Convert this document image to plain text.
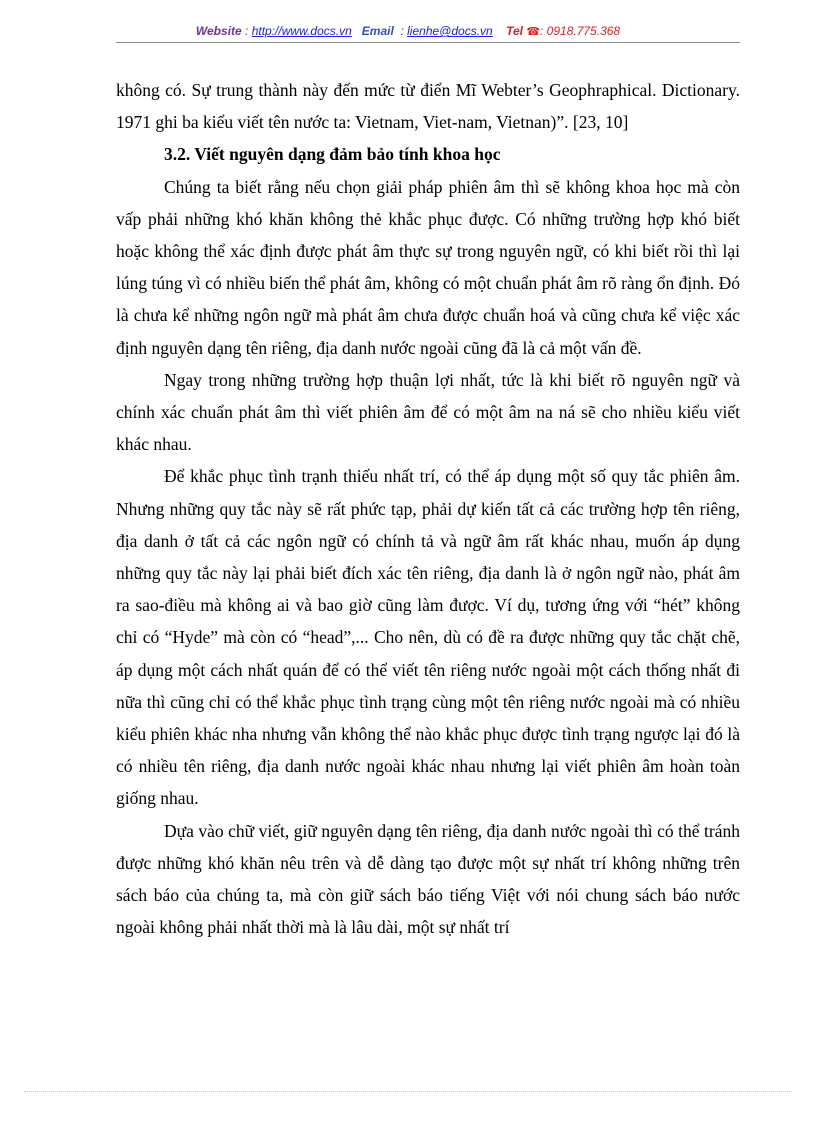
Website : http://www.docs.vn Email  : lienhe@docs.vn Tel ☎: 0918.775.368

không có. Sự trung thành này đến mức từ điển Mĩ Webter’s Geophraphical. Dictionary. 1971 ghi ba kiểu viết tên nước ta: Vietnam, Viet-nam, Vietnan)”. [23, 10]

3.2. Viết nguyên dạng đảm bảo tính khoa học

Chúng ta biết rằng nếu chọn giải pháp phiên âm thì sẽ không khoa học mà còn vấp phải những khó khăn không thẻ khắc phục được. Có những trường hợp khó biết hoặc không thể xác định được phát âm thực sự trong nguyên ngữ, có khi biết rồi thì lại lúng túng vì có nhiều biến thể phát âm, không có một chuẩn phát âm rõ ràng ổn định. Đó là chưa kể những ngôn ngữ mà phát âm chưa được chuẩn hoá và cũng chưa kể việc xác định nguyên dạng tên riêng, địa danh nước ngoài cũng đã là cả một vấn đề.

Ngay trong những trường hợp thuận lợi nhất, tức là khi biết rõ nguyên ngữ và chính xác chuẩn phát âm thì viết phiên âm để có một âm na ná sẽ cho nhiều kiểu viết khác nhau.

Để khắc phục tình trạnh thiếu nhất trí, có thể áp dụng một số quy tắc phiên âm. Nhưng những quy tắc này sẽ rất phức tạp, phải dự kiến tất cả các trường hợp tên riêng, địa danh ở tất cả các ngôn ngữ có chính tả và ngữ âm rất khác nhau, muốn áp dụng những quy tắc này lại phải biết đích xác tên riêng, địa danh là ở ngôn ngữ nào, phát âm ra sao-điều mà không ai và bao giờ cũng làm được. Ví dụ, tương ứng với “hét” không chỉ có “Hyde” mà còn có “head”,... Cho nên, dù có đề ra được những quy tắc chặt chẽ, áp dụng một cách nhất quán để có thể viết tên riêng nước ngoài một cách thống nhất đi nữa thì cũng chỉ có thể khắc phục tình trạng cùng một tên riêng nước ngoài mà có nhiều kiểu phiên khác nha nhưng vẫn không thể nào khắc phục được tình trạng ngược lại đó là có nhiều tên riêng, địa danh nước ngoài khác nhau nhưng lại viết phiên âm hoàn toàn giống nhau.

Dựa vào chữ viết, giữ nguyên dạng tên riêng, địa danh nước ngoài thì có thể tránh được những khó khăn nêu trên và dễ dàng tạo được một sự nhất trí không những trên sách báo của chúng ta, mà còn giữ sách báo tiếng Việt với nói chung sách báo nước ngoài không phải nhất thời mà là lâu dài, một sự nhất trí
